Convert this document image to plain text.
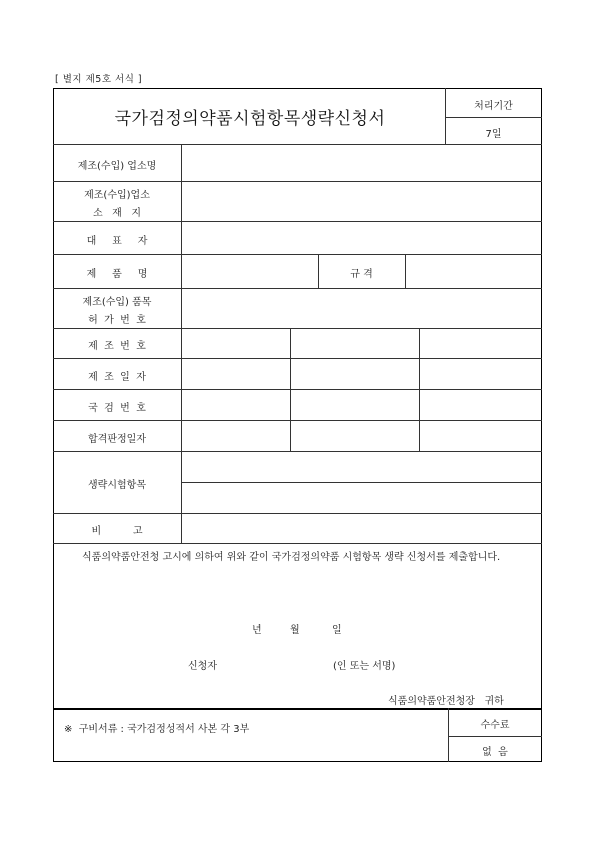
[ 별지 제5호 서식 ]
국가검정의약품시험항목생략신청서
처리기간
7일
제조(수입) 업소명
제조(수입)업소
소   재   지
대     표     자
제     품     명	규 격
제조(수입) 품목
허  가  번  호
제  조  번  호
제  조  일  자
국  검  번  호
합격판정일자
생략시험항목
비          고
식품의약품안전청 고시에 의하여 위와 같이 국가검정의약품 시험항목 생략 신청서를 제출합니다.
년	월	일
신청자	(인 또는 서명)
식품의약품안전청장   귀하
※  구비서류 : 국가검정성적서 사본 각 3부	수수료
없  음
